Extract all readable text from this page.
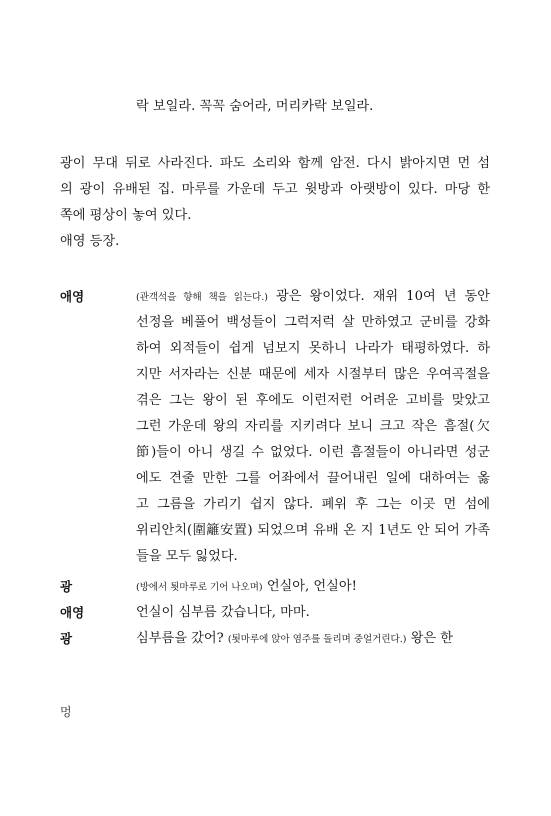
락 보일라. 꼭꼭 숨어라, 머리카락 보일라.
광이 무대 뒤로 사라진다. 파도 소리와 함께 암전. 다시 밝아지면 먼 섬
의 광이 유배된 집. 마루를 가운데 두고 윗방과 아랫방이 있다. 마당 한
쪽에 평상이 놓여 있다.
애영 등장.
애영	(관객석을 향해 책을 읽는다.) 광은 왕이었다. 재위 10여 년 동안
선정을 베풀어 백성들이 그럭저럭 살 만하였고 군비를 강화
하여 외적들이 쉽게 넘보지 못하니 나라가 태평하였다. 하
지만 서자라는 신분 때문에 세자 시절부터 많은 우여곡절을
겪은 그는 왕이 된 후에도 이런저런 어려운 고비를 맞았고
그런 가운데 왕의 자리를 지키려다 보니 크고 작은 흠절(欠
節)들이 아니 생길 수 없었다. 이런 흠절들이 아니라면 성군
에도 견줄 만한 그를 어좌에서 끌어내린 일에 대하여는 옳
고 그름을 가리기 쉽지 않다. 폐위 후 그는 이곳 먼 섬에
위리안치(圍籬安置) 되었으며 유배 온 지 1년도 안 되어 가족
들을 모두 잃었다.
광	(방에서 툇마루로 기어 나오며) 언실아, 언실아!
애영	언실이 심부름 갔습니다, 마마.
광	심부름을 갔어? (툇마루에 앉아 염주를 돌리며 중얼거린다.) 왕은 한
멍
